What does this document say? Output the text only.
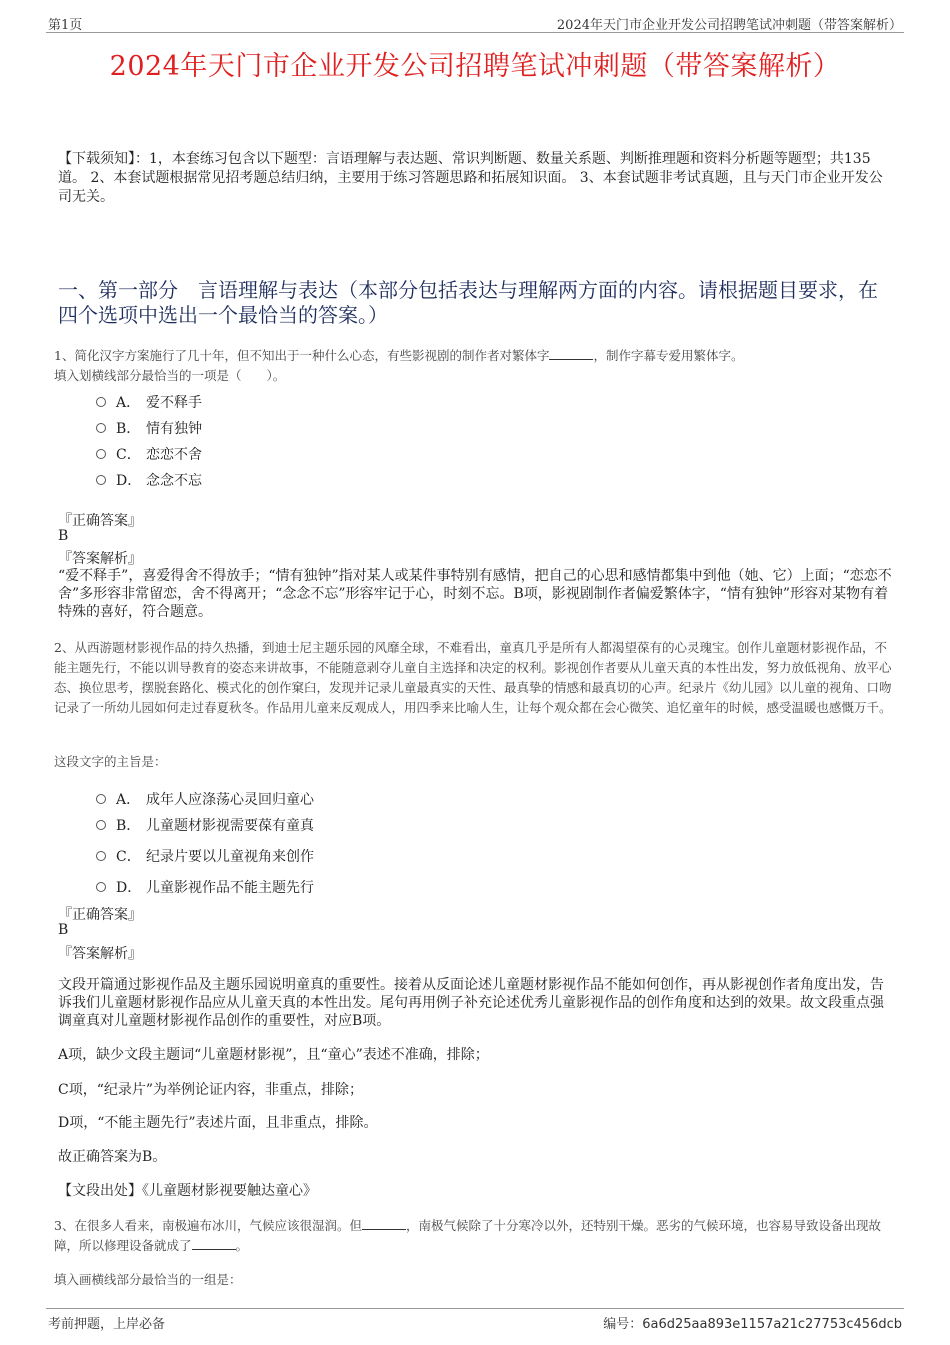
第1页	2024年天门市企业开发公司招聘笔试冲刺题（带答案解析）
2024年天门市企业开发公司招聘笔试冲刺题（带答案解析）
【下载须知】：1，本套练习包含以下题型：言语理解与表达题、常识判断题、数量关系题、判断推理题和资料分析题等题型；共135道。 2、本套试题根据常见招考题总结归纳，主要用于练习答题思路和拓展知识面。 3、本套试题非考试真题，且与天门市企业开发公司无关。
一、第一部分　言语理解与表达（本部分包括表达与理解两方面的内容。请根据题目要求，在四个选项中选出一个最恰当的答案。）
1、简化汉字方案施行了几十年，但不知出于一种什么心态，有些影视剧的制作者对繁体字	，制作字幕专爱用繁体字。
填入划横线部分最恰当的一项是（　　）。
A． 爱不释手
B． 情有独钟
C． 恋恋不舍
D． 念念不忘
『正确答案』
B
『答案解析』
“爱不释手”，喜爱得舍不得放手；“情有独钟”指对某人或某件事特别有感情，把自己的心思和感情都集中到他（她、它）上面；“恋恋不舍”多形容非常留恋，舍不得离开；“念念不忘”形容牢记于心，时刻不忘。B项，影视剧制作者偏爱繁体字，“情有独钟”形容对某物有着特殊的喜好，符合题意。
2、从西游题材影视作品的持久热播，到迪士尼主题乐园的风靡全球，不难看出，童真几乎是所有人都渴望葆有的心灵瑰宝。创作儿童题材影视作品，不能主题先行，不能以训导教育的姿态来讲故事，不能随意剥夺儿童自主选择和决定的权利。影视创作者要从儿童天真的本性出发，努力放低视角、放平心态、换位思考，摆脱套路化、模式化的创作窠臼，发现并记录儿童最真实的天性、最真挚的情感和最真切的心声。纪录片《幼儿园》以儿童的视角、口吻记录了一所幼儿园如何走过春夏秋冬。作品用儿童来反观成人，用四季来比喻人生，让每个观众都在会心微笑、追忆童年的时候，感受温暖也感慨万千。
这段文字的主旨是：
A． 成年人应涤荡心灵回归童心
B． 儿童题材影视需要葆有童真
C． 纪录片要以儿童视角来创作
D． 儿童影视作品不能主题先行
『正确答案』
B
『答案解析』
文段开篇通过影视作品及主题乐园说明童真的重要性。接着从反面论述儿童题材影视作品不能如何创作，再从影视创作者角度出发，告诉我们儿童题材影视作品应从儿童天真的本性出发。尾句再用例子补充论述优秀儿童影视作品的创作角度和达到的效果。故文段重点强调童真对儿童题材影视作品创作的重要性，对应B项。
A项，缺少文段主题词“儿童题材影视”，且“童心”表述不准确，排除；
C项，“纪录片”为举例论证内容，非重点，排除；
D项，“不能主题先行”表述片面，且非重点，排除。
故正确答案为B。
【文段出处】《儿童题材影视要触达童心》
3、在很多人看来，南极遍布冰川，气候应该很湿润。但	，南极气候除了十分寒冷以外，还特别干燥。恶劣的气候环境，也容易导致设备出现故障，所以修理设备就成了	。
填入画横线部分最恰当的一组是：
考前押题，上岸必备	编号：6a6d25aa893e1157a21c27753c456dcb
